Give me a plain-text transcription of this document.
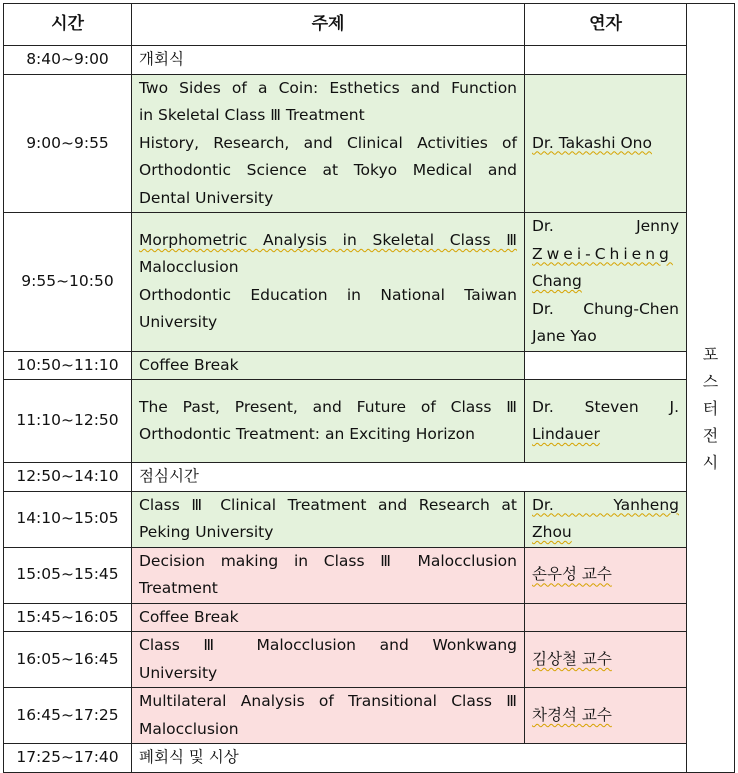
시간	주제	연자	
8:40~9:00	개회식		포
스
터
전
시

9:00~9:55	Two Sides of a Coin: Esthetics and Function
in Skeletal Class Ⅲ Treatment
History, Research, and Clinical Activities of
Orthodontic Science at Tokyo Medical and
Dental University	Dr. Takashi Ono	

9:55~10:50	Morphometric Analysis in Skeletal Class Ⅲ
Malocclusion
Orthodontic Education in National Taiwan
University	Dr. Jenny
Zwei-Chieng
Chang
Dr. Chung-Chen
Jane Yao	

10:50~11:10	Coffee Break		

11:10~12:50	The Past, Present, and Future of Class Ⅲ
Orthodontic Treatment: an Exciting Horizon	Dr. Steven J.
Lindauer	

12:50~14:10	점심시간		

14:10~15:05	Class Ⅲ Clinical Treatment and Research at
Peking University	Dr. Yanheng
Zhou	

15:05~15:45	Decision making in Class Ⅲ Malocclusion
Treatment	손우성 교수	

15:45~16:05	Coffee Break		

16:05~16:45	Class Ⅲ Malocclusion and Wonkwang
University	김상철 교수	

16:45~17:25	Multilateral Analysis of Transitional Class Ⅲ
Malocclusion	차경석 교수	

17:25~17:40	폐회식 및 시상		
